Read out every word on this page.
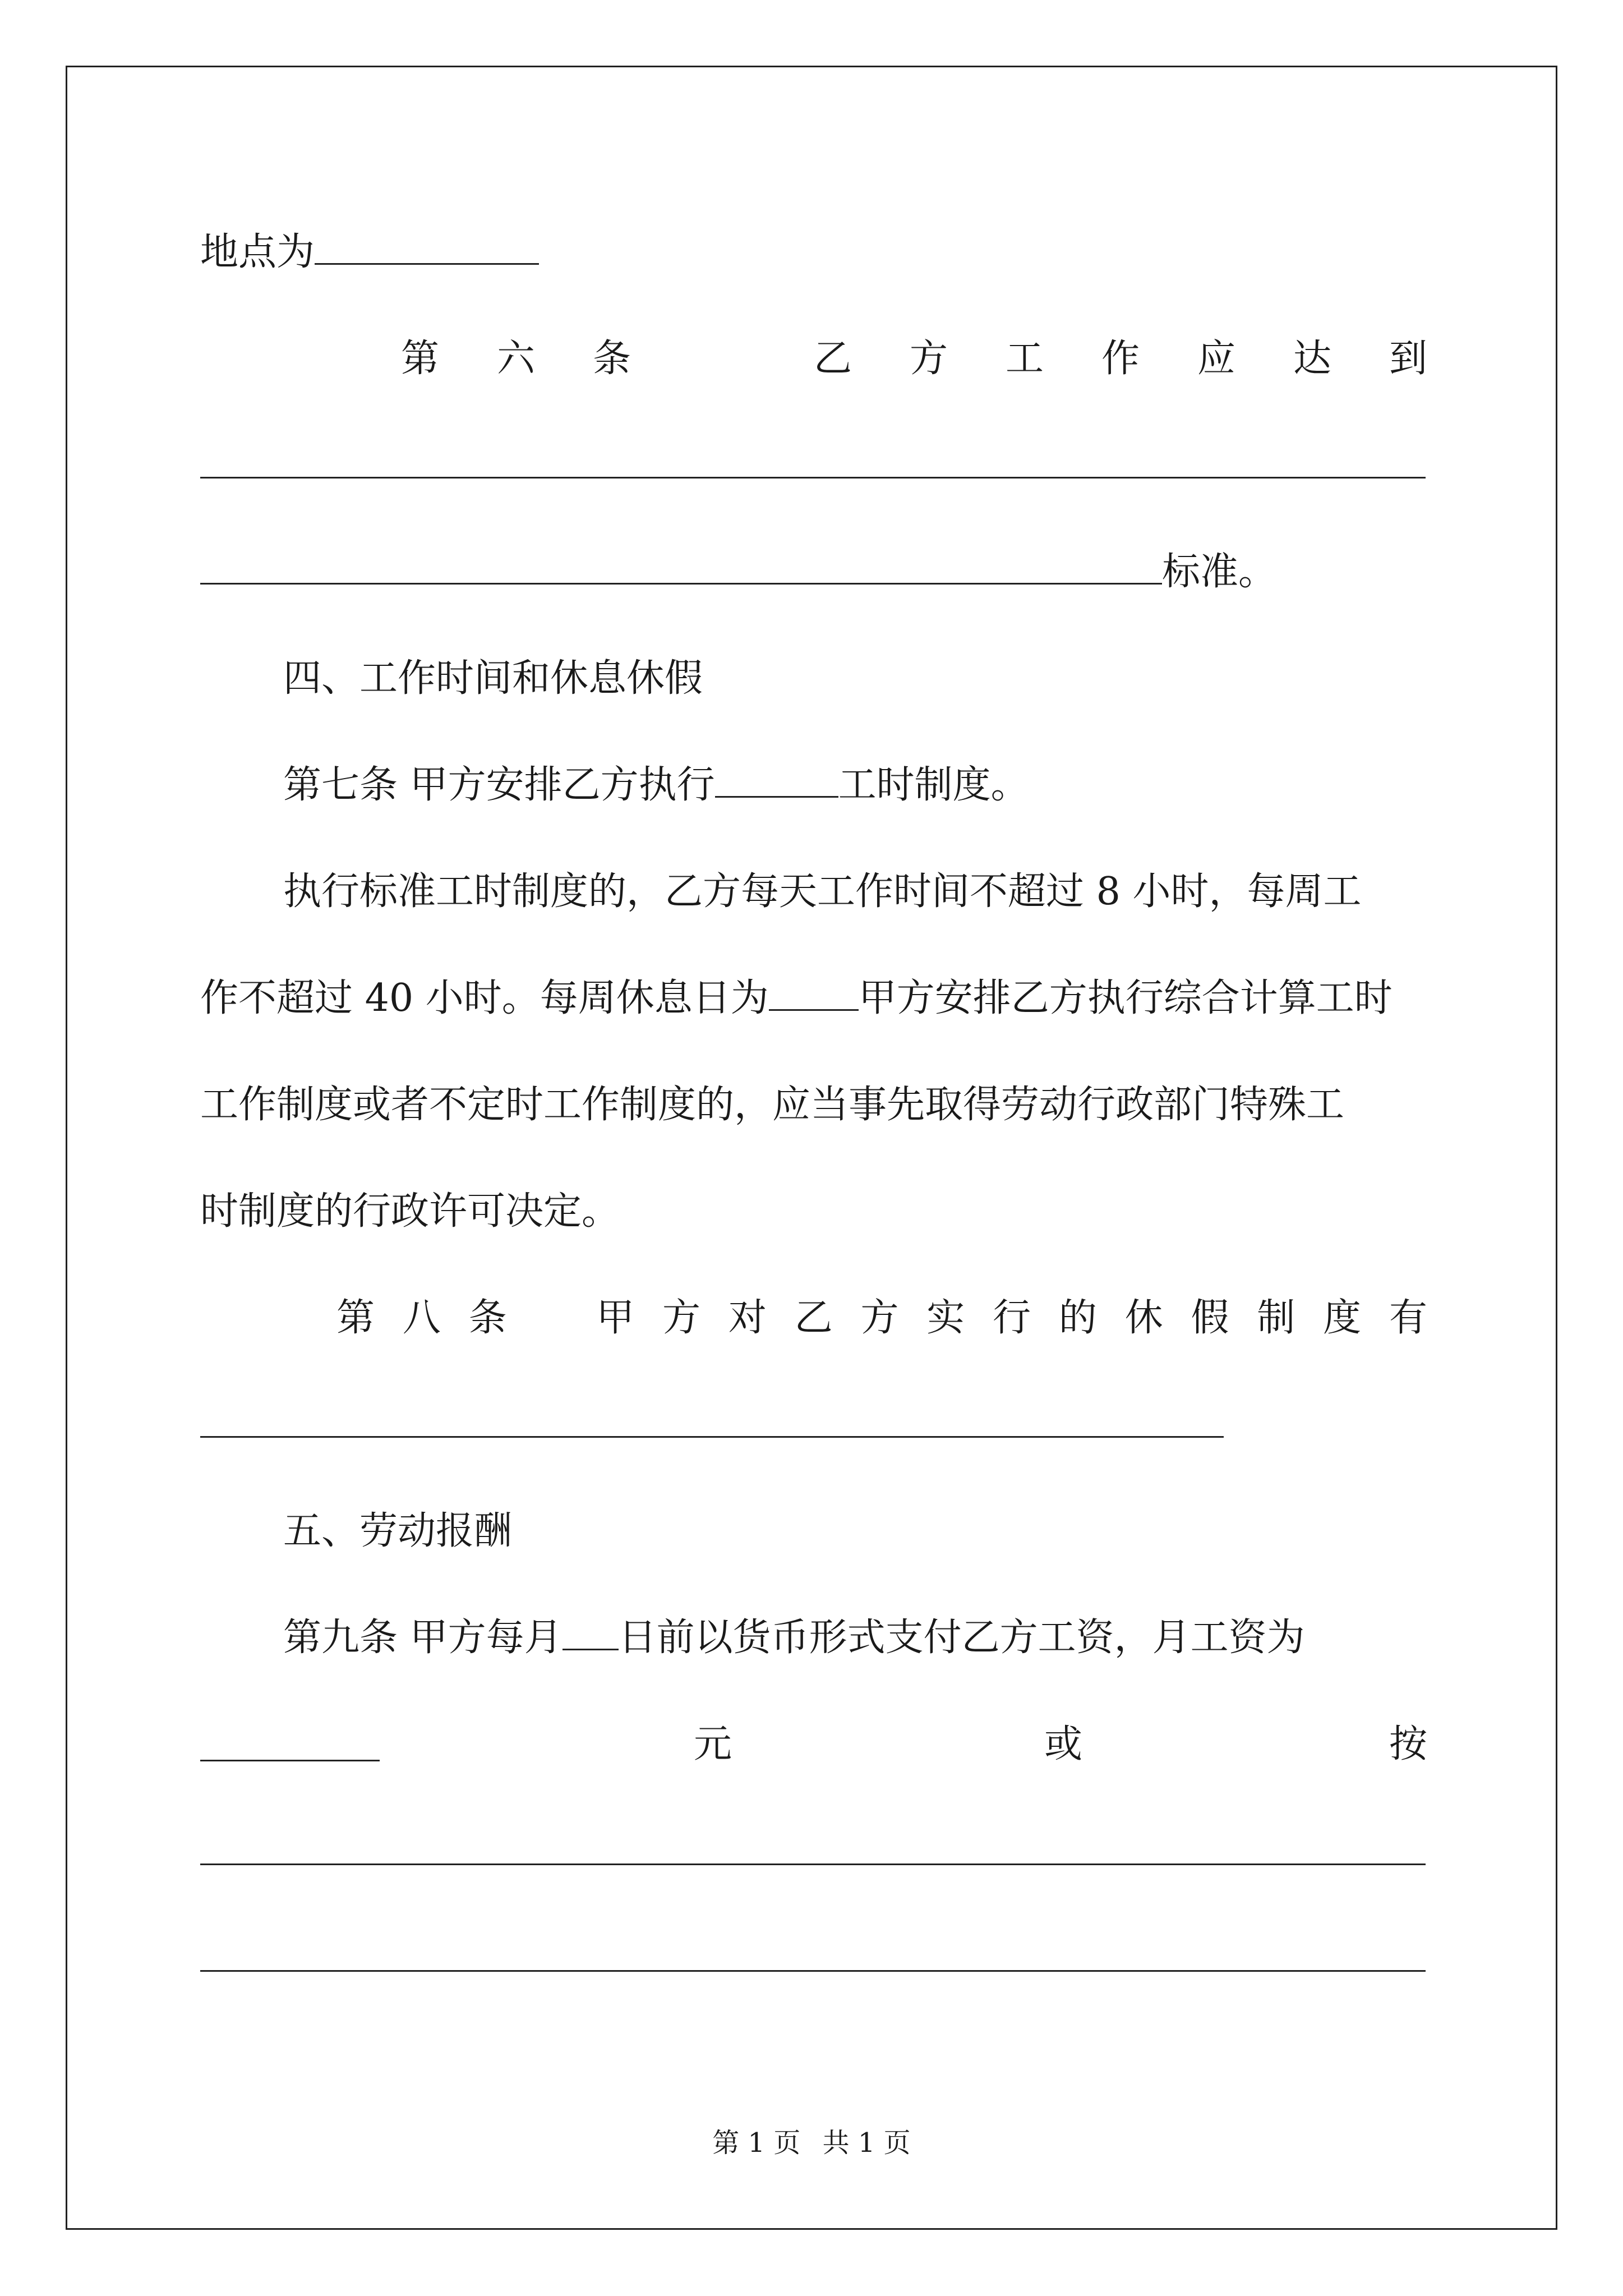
地点为
第 六 条	乙 方 工 作 应 达 到
标准。
四、工作时间和休息休假
第七条 甲方安排乙方执行	工时制度。
执行标准工时制度的，乙方每天工作时间不超过 8 小时，每周工
作不超过 40 小时。每周休息日为 甲方安排乙方执行综合计算工时
工作制度或者不定时工作制度的，应当事先取得劳动行政部门特殊工
时制度的行政许可决定。
第 八 条 甲 方 对 乙 方 实 行 的 休 假 制 度 有
五、劳动报酬
第九条 甲方每月 日前以货币形式支付乙方工资，月工资为
元	或	按
第 1 页 共 1 页
